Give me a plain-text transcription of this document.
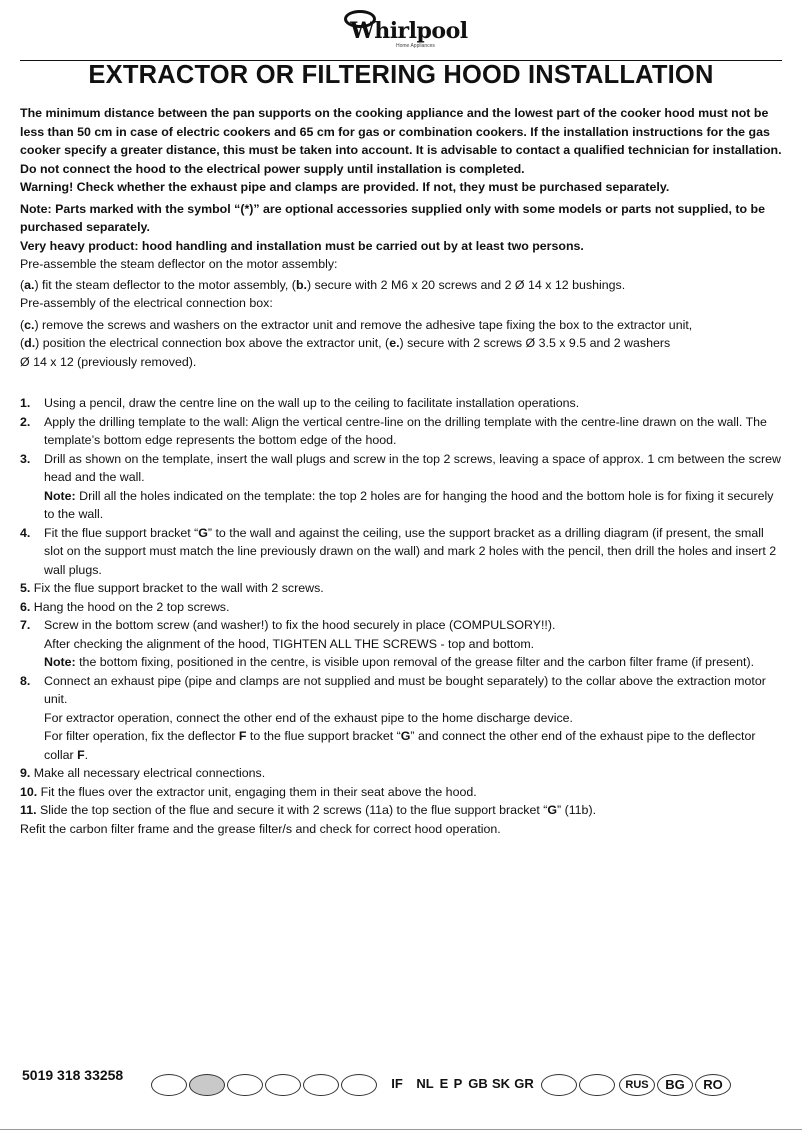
Whirlpool
Home Appliances
EXTRACTOR OR FILTERING HOOD INSTALLATION

The minimum distance between the pan supports on the cooking appliance and the lowest part of the cooker hood must not be less than 50 cm in case of electric cookers and 65 cm for gas or combination cookers. If the installation instructions for the gas cooker specify a greater distance, this must be taken into account. It is advisable to contact a qualified technician for installation.

Do not connect the hood to the electrical power supply until installation is completed.

Warning! Check whether the exhaust pipe and clamps are provided. If not, they must be purchased separately.

Note: Parts marked with the symbol “(*)” are optional accessories supplied only with some models or parts not supplied, to be purchased separately.

Very heavy product: hood handling and installation must be carried out by at least two persons.

Pre-assemble the steam deflector on the motor assembly:

(a.) fit the steam deflector to the motor assembly, (b.) secure with 2 M6 x 20 screws and 2 Ø 14 x 12 bushings.

Pre-assembly of the electrical connection box:

(c.) remove the screws and washers on the extractor unit and remove the adhesive tape fixing the box to the extractor unit,
(d.) position the electrical connection box above the extractor unit, (e.) secure with 2 screws Ø 3.5 x 9.5 and 2 washers
Ø 14 x 12 (previously removed).

1. Using a pencil, draw the centre line on the wall up to the ceiling to facilitate installation operations.
2. Apply the drilling template to the wall: Align the vertical centre-line on the drilling template with the centre-line drawn on the wall. The template’s bottom edge represents the bottom edge of the hood.
3. Drill as shown on the template, insert the wall plugs and screw in the top 2 screws, leaving a space of approx. 1 cm between the screw head and the wall.
Note: Drill all the holes indicated on the template: the top 2 holes are for hanging the hood and the bottom hole is for fixing it securely to the wall.
4. Fit the flue support bracket “G” to the wall and against the ceiling, use the support bracket as a drilling diagram (if present, the small slot on the support must match the line previously drawn on the wall) and mark 2 holes with the pencil, then drill the holes and insert 2 wall plugs.
5. Fix the flue support bracket to the wall with 2 screws.
6. Hang the hood on the 2 top screws.
7. Screw in the bottom screw (and washer!) to fix the hood securely in place (COMPULSORY!!).
After checking the alignment of the hood, TIGHTEN ALL THE SCREWS - top and bottom.
Note: the bottom fixing, positioned in the centre, is visible upon removal of the grease filter and the carbon filter frame (if present).
8. Connect an exhaust pipe (pipe and clamps are not supplied and must be bought separately) to the collar above the extraction motor unit.
For extractor operation, connect the other end of the exhaust pipe to the home discharge device.
For filter operation, fix the deflector F to the flue support bracket “G” and connect the other end of the exhaust pipe to the deflector collar F.
9. Make all necessary electrical connections.
10. Fit the flues over the extractor unit, engaging them in their seat above the hood.
11. Slide the top section of the flue and secure it with 2 screws (11a) to the flue support bracket “G” (11b).

Refit the carbon filter frame and the grease filter/s and check for correct hood operation.

5019 318 33258
IF	NL E P GB SK GR	RUS	BG	RO
